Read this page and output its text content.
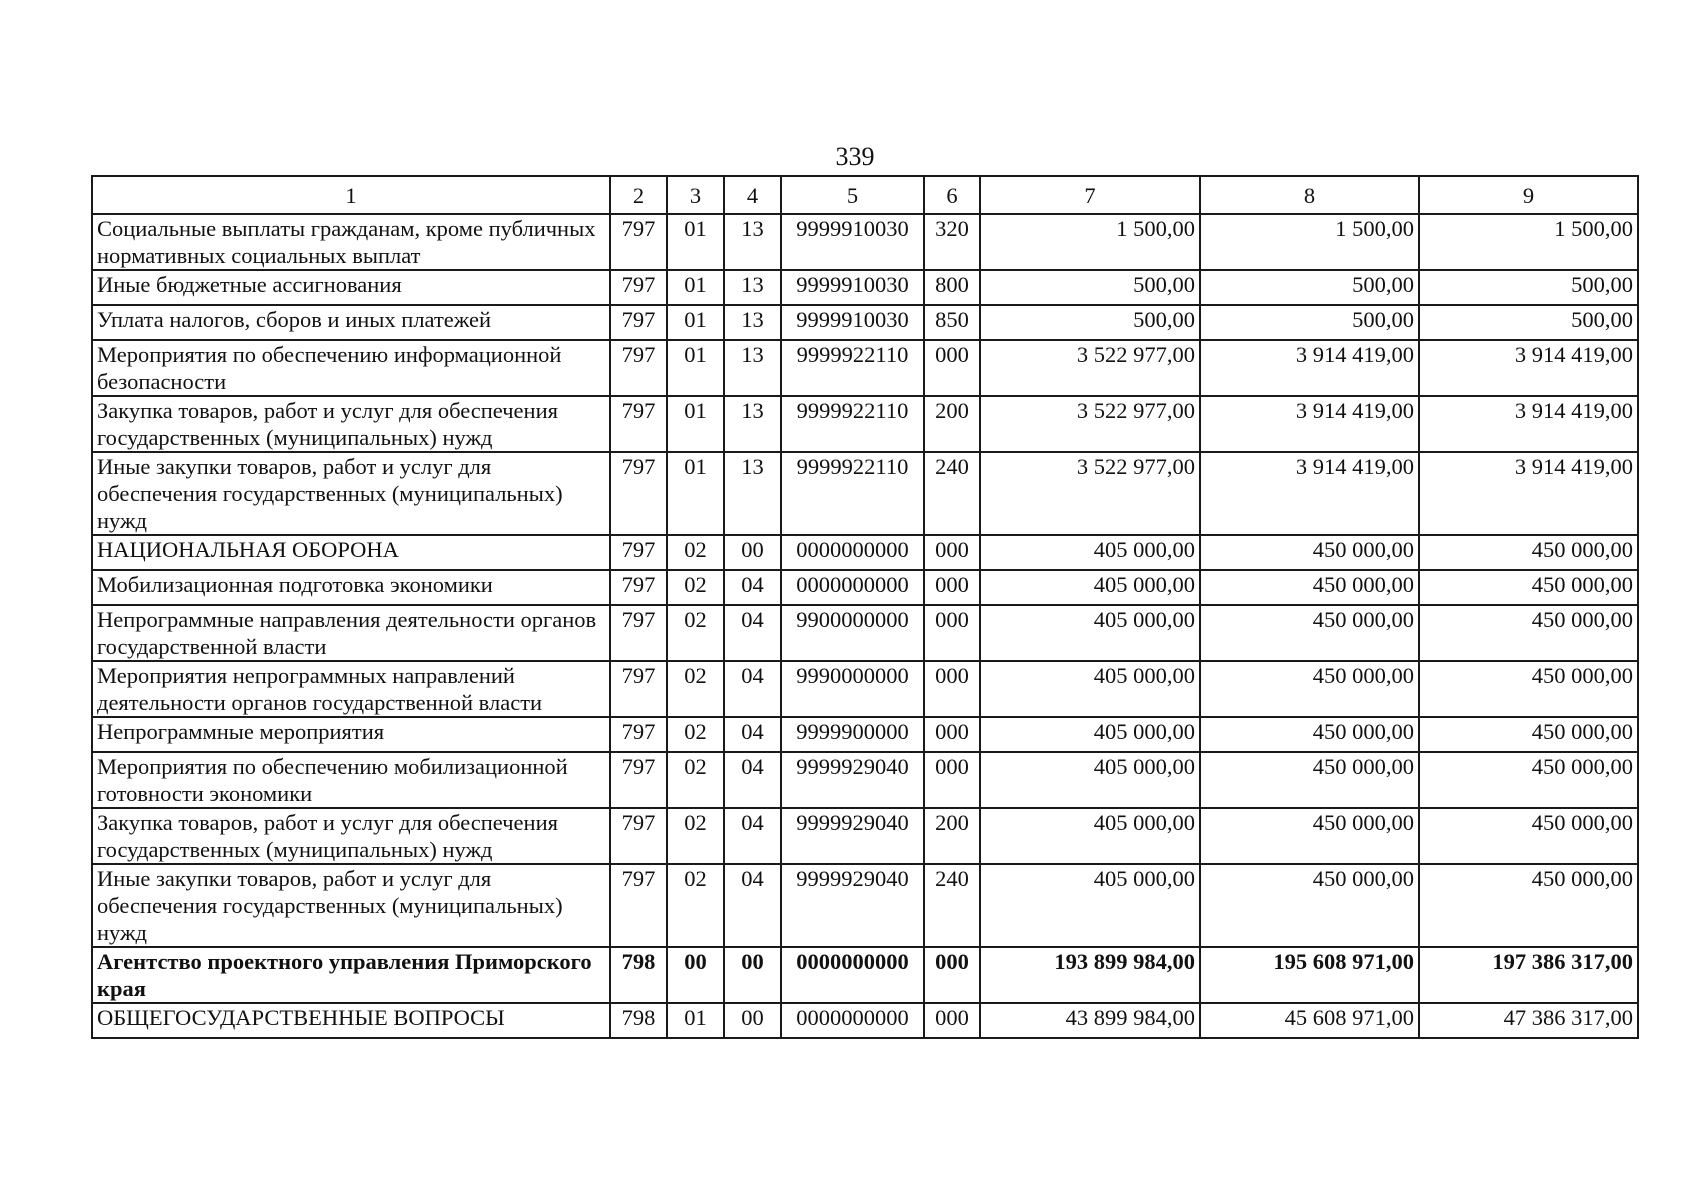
339
1	2	3	4	5	6	7	8	9
Социальные выплаты гражданам, кроме публичных нормативных социальных выплат	797	01	13	9999910030	320	1 500,00	1 500,00	1 500,00
Иные бюджетные ассигнования	797	01	13	9999910030	800	500,00	500,00	500,00
Уплата налогов, сборов и иных платежей	797	01	13	9999910030	850	500,00	500,00	500,00
Мероприятия по обеспечению информационной безопасности	797	01	13	9999922110	000	3 522 977,00	3 914 419,00	3 914 419,00
Закупка товаров, работ и услуг для обеспечения государственных (муниципальных) нужд	797	01	13	9999922110	200	3 522 977,00	3 914 419,00	3 914 419,00
Иные закупки товаров, работ и услуг для обеспечения государственных (муниципальных) нужд	797	01	13	9999922110	240	3 522 977,00	3 914 419,00	3 914 419,00
НАЦИОНАЛЬНАЯ ОБОРОНА	797	02	00	0000000000	000	405 000,00	450 000,00	450 000,00
Мобилизационная подготовка экономики	797	02	04	0000000000	000	405 000,00	450 000,00	450 000,00
Непрограммные направления деятельности органов государственной власти	797	02	04	9900000000	000	405 000,00	450 000,00	450 000,00
Мероприятия непрограммных направлений деятельности органов государственной власти	797	02	04	9990000000	000	405 000,00	450 000,00	450 000,00
Непрограммные мероприятия	797	02	04	9999900000	000	405 000,00	450 000,00	450 000,00
Мероприятия по обеспечению мобилизационной готовности экономики	797	02	04	9999929040	000	405 000,00	450 000,00	450 000,00
Закупка товаров, работ и услуг для обеспечения государственных (муниципальных) нужд	797	02	04	9999929040	200	405 000,00	450 000,00	450 000,00
Иные закупки товаров, работ и услуг для обеспечения государственных (муниципальных) нужд	797	02	04	9999929040	240	405 000,00	450 000,00	450 000,00
Агентство проектного управления Приморского края	798	00	00	0000000000	000	193 899 984,00	195 608 971,00	197 386 317,00
ОБЩЕГОСУДАРСТВЕННЫЕ ВОПРОСЫ	798	01	00	0000000000	000	43 899 984,00	45 608 971,00	47 386 317,00
